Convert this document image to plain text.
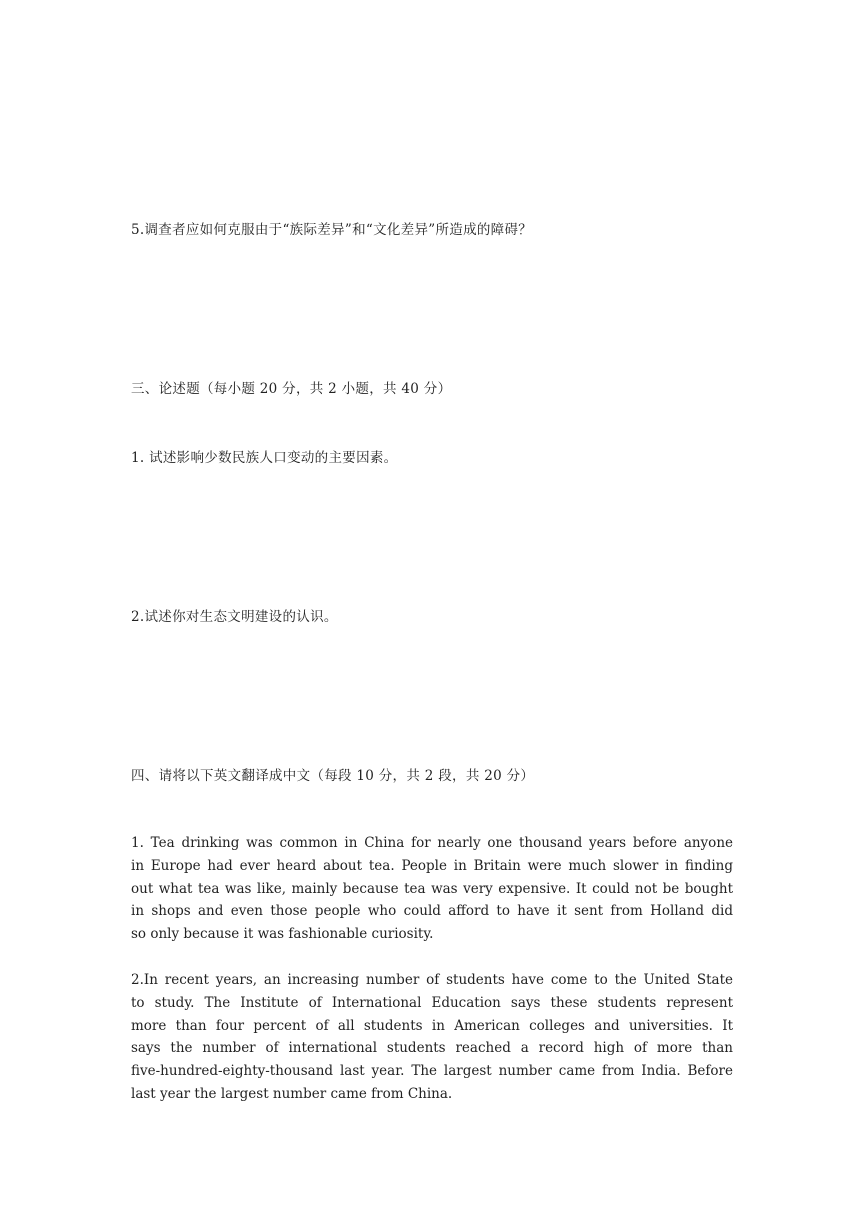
5.调查者应如何克服由于“族际差异”和“文化差异”所造成的障碍？
三、论述题（每小题 20 分，共 2 小题，共 40 分）
1. 试述影响少数民族人口变动的主要因素。
2.试述你对生态文明建设的认识。
四、请将以下英文翻译成中文（每段 10 分，共 2 段，共 20 分）
1. Tea drinking was common in China for nearly one thousand years before anyone
in Europe had ever heard about tea. People in Britain were much slower in finding
out what tea was like, mainly because tea was very expensive. It could not be bought
in shops and even those people who could afford to have it sent from Holland did
so only because it was fashionable curiosity.
2.In recent years, an increasing number of students have come to the United State
to study. The Institute of International Education says these students represent
more than four percent of all students in American colleges and universities. It
says the number of international students reached a record high of more than
five-hundred-eighty-thousand last year. The largest number came from India. Before
last year the largest number came from China.
